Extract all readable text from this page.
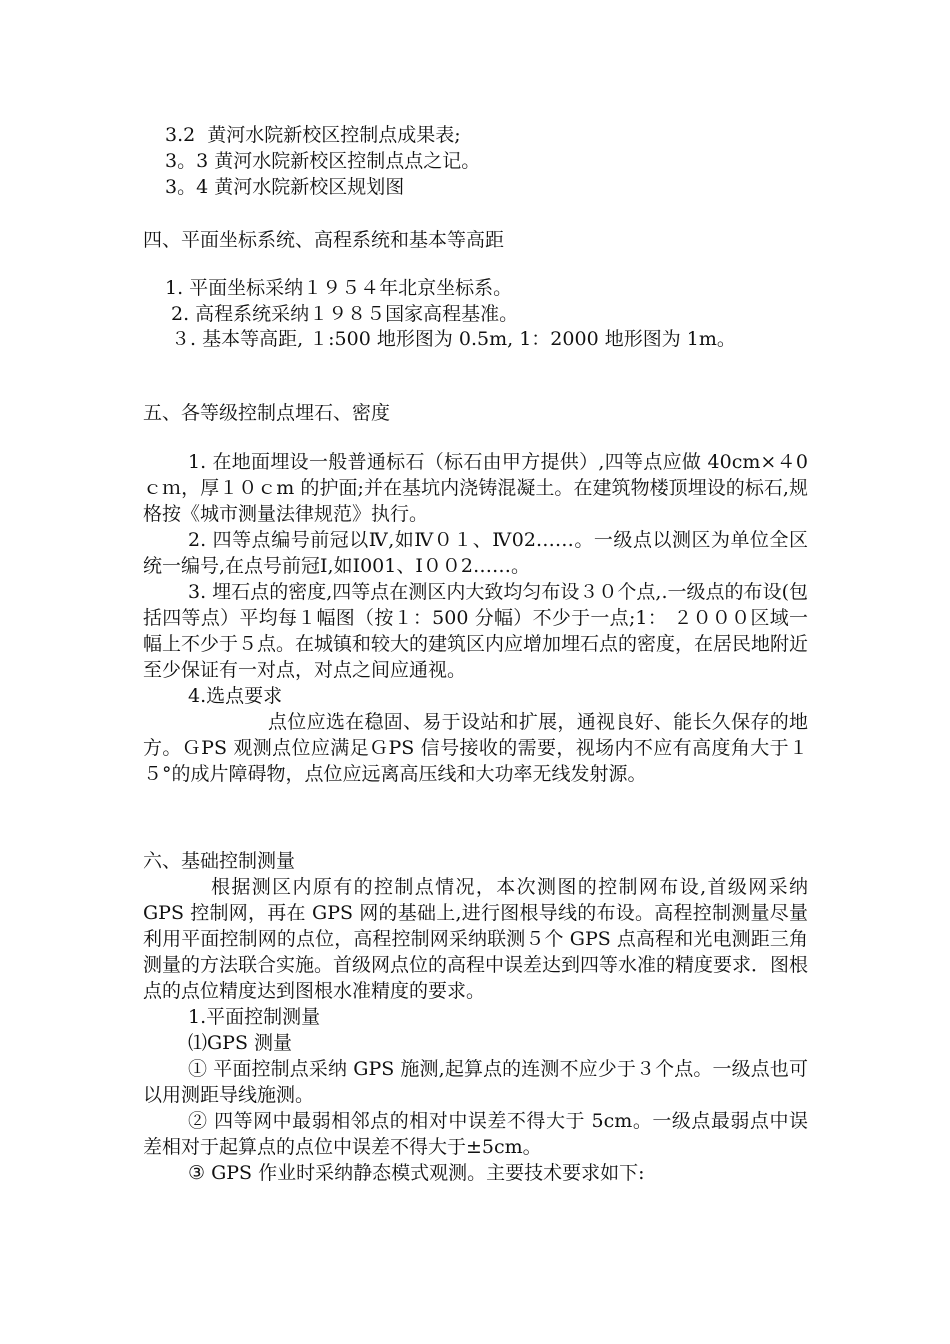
3.2  黄河水院新校区控制点成果表;
3。3 黄河水院新校区控制点点之记。
3。4 黄河水院新校区规划图
四、平面坐标系统、高程系统和基本等高距
1. 平面坐标采纳１９５４年北京坐标系。

2. 高程系统采纳１９８５国家高程基准。

３. 基本等高距, １:500 地形图为 0.5m, 1：2000 地形图为 1m。

五、各等级控制点埋石、密度

1. 在地面埋设一般普通标石（标石由甲方提供）,四等点应做 40cm×４0ｃｍ，厚１０ｃm 的护面;并在基坑内浇铸混凝土。在建筑物楼顶埋设的标石,规格按《城市测量法律规范》执行。

2. 四等点编号前冠以Ⅳ,如Ⅳ０１、Ⅳ02……。一级点以测区为单位全区统一编号,在点号前冠Ⅰ,如Ⅰ001、Ⅰ００2……。

3. 埋石点的密度,四等点在测区内大致均匀布设３０个点,.一级点的布设(包括四等点）平均每１幅图（按１：500 分幅）不少于一点;1： ２０００区域一幅上不少于５点。在城镇和较大的建筑区内应增加埋石点的密度，在居民地附近至少保证有一对点，对点之间应通视。

4.选点要求

点位应选在稳固、易于设站和扩展，通视良好、能长久保存的地方。ＧPS 观测点位应满足ＧPS 信号接收的需要，视场内不应有高度角大于１５°的成片障碍物，点位应远离高压线和大功率无线发射源。

六、基础控制测量

根据测区内原有的控制点情况，本次测图的控制网布设,首级网采纳 GPS 控制网，再在 GPS 网的基础上,进行图根导线的布设。高程控制测量尽量利用平面控制网的点位，高程控制网采纳联测５个 GPS 点高程和光电测距三角测量的方法联合实施。首级网点位的高程中误差达到四等水准的精度要求．图根点的点位精度达到图根水准精度的要求。

1.平面控制测量

⑴GPS 测量

① 平面控制点采纳 GPS 施测,起算点的连测不应少于３个点。一级点也可以用测距导线施测。

② 四等网中最弱相邻点的相对中误差不得大于 5cm。一级点最弱点中误差相对于起算点的点位中误差不得大于±5cm。

③ GPS 作业时采纳静态模式观测。主要技术要求如下:
